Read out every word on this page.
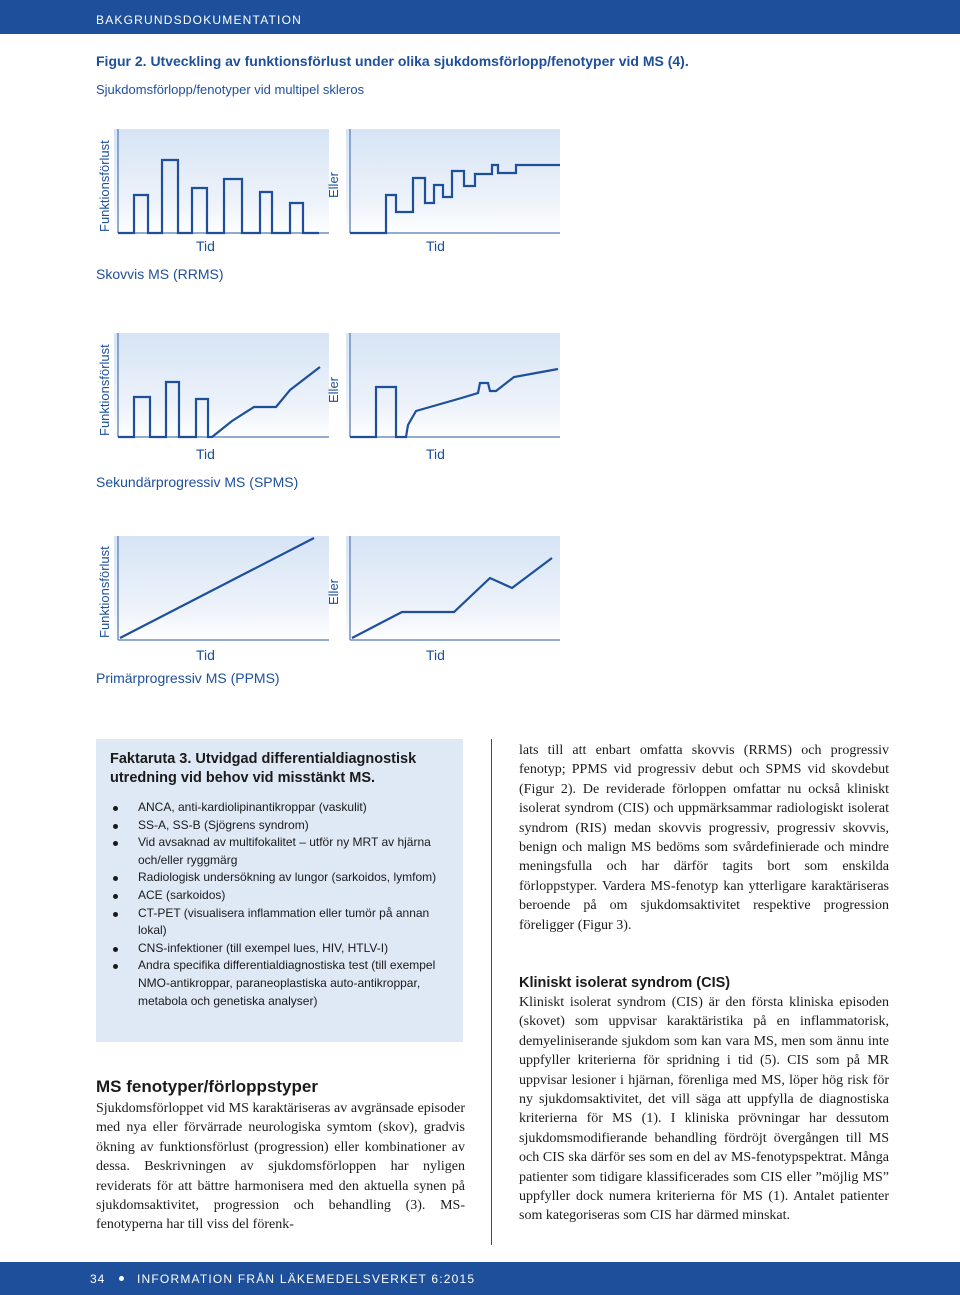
BAKGRUNDSDOKUMENTATION
Figur 2. Utveckling av funktionsförlust under olika sjukdomsförlopp/fenotyper vid MS (4).
Sjukdomsförlopp/fenotyper vid multipel skleros
Funktionsförlust	Eller
Tid	Tid
Skovvis MS (RRMS)
Funktionsförlust	Eller
Tid	Tid
Sekundärprogressiv MS (SPMS)
Funktionsförlust	Eller
Tid	Tid
Primärprogressiv MS (PPMS)
Faktaruta 3. Utvidgad differentialdiagnostisk utredning vid behov vid misstänkt MS.
ANCA, anti-kardiolipinantikroppar (vaskulit)
SS-A, SS-B (Sjögrens syndrom)
Vid avsaknad av multifokalitet – utför ny MRT av hjärna och/eller ryggmärg
Radiologisk undersökning av lungor (sarkoidos, lymfom)
ACE (sarkoidos)
CT-PET (visualisera inflammation eller tumör på annan lokal)
CNS-infektioner (till exempel lues, HIV, HTLV-I)
Andra specifika differentialdiagnostiska test (till exempel NMO-antikroppar, paraneoplastiska auto-antikroppar, metabola och genetiska analyser)
MS fenotyper/förloppstyper
Sjukdomsförloppet vid MS karaktäriseras av avgränsade episoder med nya eller förvärrade neurologiska symtom (skov), gradvis ökning av funktionsförlust (progression) eller kombinationer av dessa. Beskrivningen av sjukdomsförloppen har nyligen reviderats för att bättre harmonisera med den aktuella synen på sjukdomsaktivitet, progression och behandling (3). MS-fenotyperna har till viss del förenk-
lats till att enbart omfatta skovvis (RRMS) och progressiv fenotyp; PPMS vid progressiv debut och SPMS vid skovdebut (Figur 2). De reviderade förloppen omfattar nu också kliniskt isolerat syndrom (CIS) och uppmärksammar radiologiskt isolerat syndrom (RIS) medan skovvis progressiv, progressiv skovvis, benign och malign MS bedöms som svårdefinierade och mindre meningsfulla och har därför tagits bort som enskilda förloppstyper. Vardera MS-fenotyp kan ytterligare karaktäriseras beroende på om sjukdomsaktivitet respektive progression föreligger (Figur 3).
Kliniskt isolerat syndrom (CIS)
Kliniskt isolerat syndrom (CIS) är den första kliniska episoden (skovet) som uppvisar karaktäristika på en inflammatorisk, demyeliniserande sjukdom som kan vara MS, men som ännu inte uppfyller kriterierna för spridning i tid (5). CIS som på MR uppvisar lesioner i hjärnan, förenliga med MS, löper hög risk för ny sjukdomsaktivitet, det vill säga att uppfylla de diagnostiska kriterierna för MS (1). I kliniska prövningar har dessutom sjukdomsmodifierande behandling fördröjt övergången till MS och CIS ska därför ses som en del av MS-fenotypspektrat. Många patienter som tidigare klassificerades som CIS eller ”möjlig MS” uppfyller dock numera kriterierna för MS (1). Antalet patienter som kategoriseras som CIS har därmed minskat.
34	INFORMATION FRÅN LÄKEMEDELSVERKET 6:2015
